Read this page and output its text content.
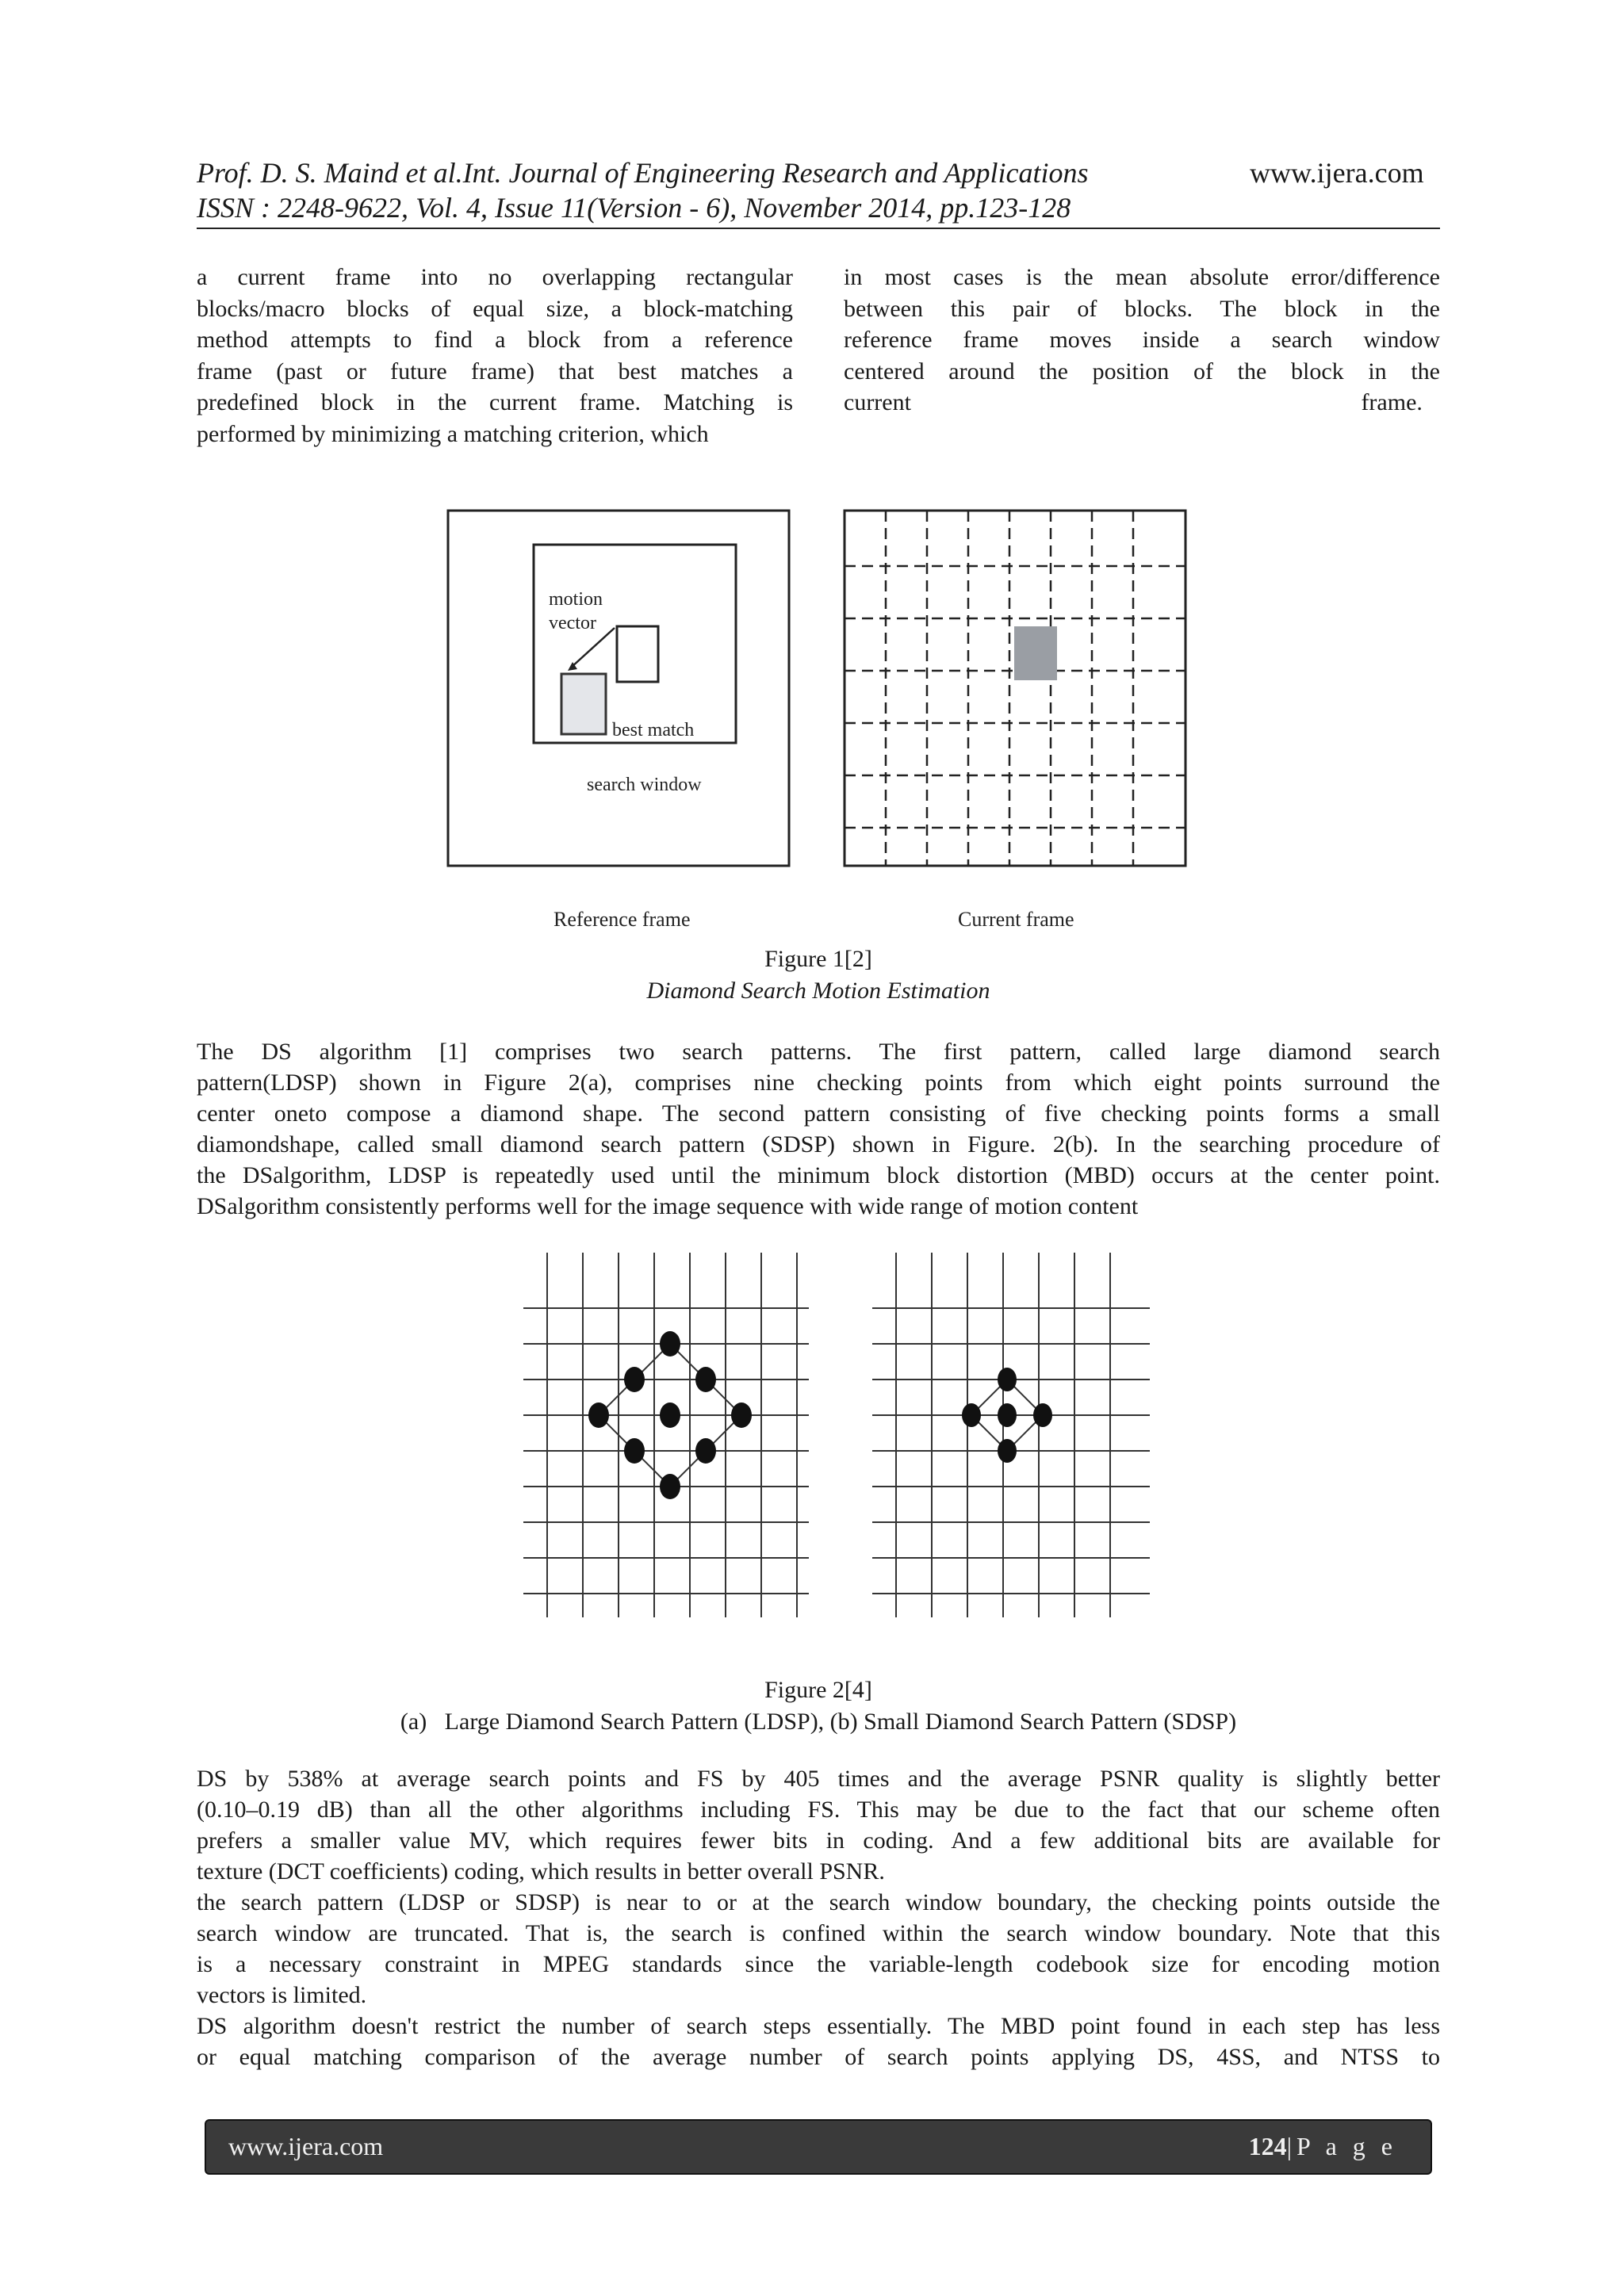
Prof. D. S. Maind et al.Int. Journal of Engineering Research and Applications
ISSN : 2248-9622, Vol. 4, Issue 11(Version - 6), November 2014, pp.123-128
www.ijera.com
a current frame into no overlapping rectangular
blocks/macro blocks of equal size, a block-matching
method attempts to find a block from a reference
frame (past or future frame) that best matches a
predefined block in the current frame. Matching is
performed by minimizing a matching criterion, which
in most cases is the mean absolute error/difference
between this pair of blocks. The block in the
reference frame moves inside a search window
centered around the position of the block in the
current frame.
motion
vector
best match
search window
Reference frame	Current frame
Figure 1[2]
Diamond Search Motion Estimation
The DS algorithm [1] comprises two search patterns. The first pattern, called large diamond search
pattern(LDSP) shown in Figure 2(a), comprises nine checking points from which eight points surround the
center oneto compose a diamond shape. The second pattern consisting of five checking points forms a small
diamondshape, called small diamond search pattern (SDSP) shown in Figure. 2(b). In the searching procedure of
the DSalgorithm, LDSP is repeatedly used until the minimum block distortion (MBD) occurs at the center point.
DSalgorithm consistently performs well for the image sequence with wide range of motion content
Figure 2[4]
(a)   Large Diamond Search Pattern (LDSP), (b) Small Diamond Search Pattern (SDSP)
DS by 538% at average search points and FS by 405 times and the average PSNR quality is slightly better
(0.10–0.19 dB) than all the other algorithms including FS. This may be due to the fact that our scheme often
prefers a smaller value MV, which requires fewer bits in coding. And a few additional bits are available for
texture (DCT coefficients) coding, which results in better overall PSNR.
the search pattern (LDSP or SDSP) is near to or at the search window boundary, the checking points outside the
search window are truncated. That is, the search is confined within the search window boundary. Note that this
is a necessary constraint in MPEG standards since the variable-length codebook size for encoding motion
vectors is limited.
DS algorithm doesn't restrict the number of search steps essentially. The MBD point found in each step has less
or equal matching comparison of the average number of search points applying DS, 4SS, and NTSS to
www.ijera.com	124|P a g e
